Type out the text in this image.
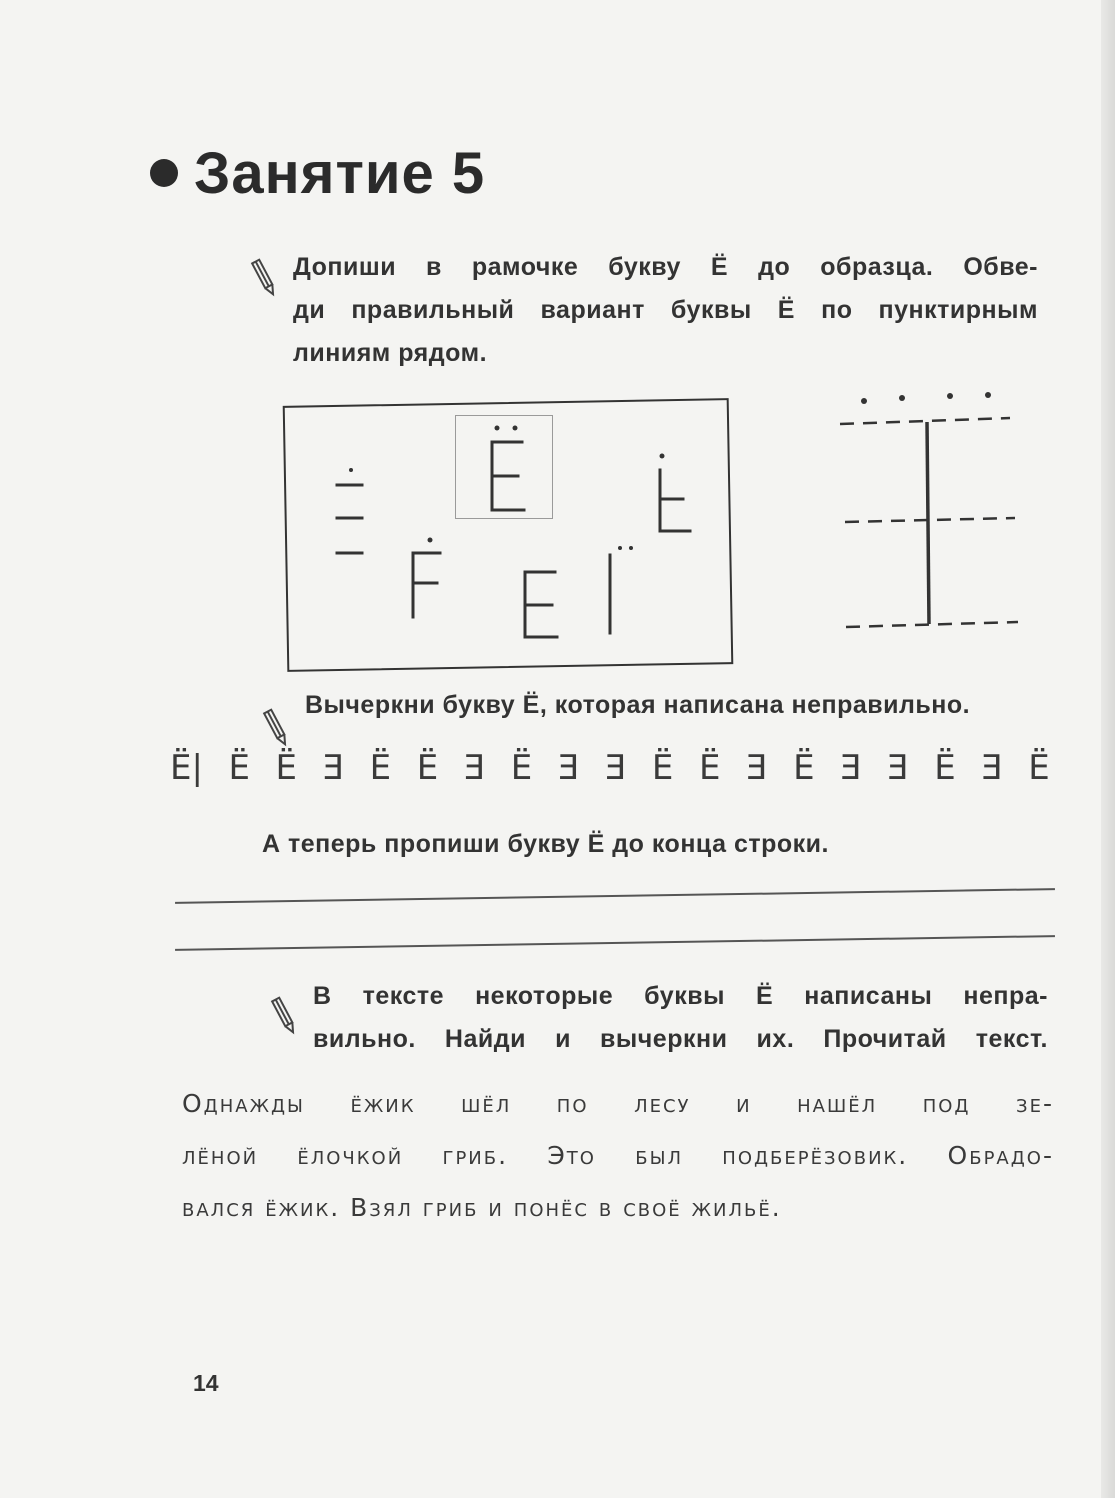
Занятие 5

Допиши в рамочке букву Ё до образца. Обве-

ди правильный вариант буквы Ё по пунктирным

линиям рядом.

Вычеркни букву Ё, которая написана неправильно.
Ё| Ё Ё Ǝ Ё Ё Ǝ Ё Ǝ Ǝ Ё Ё Ǝ Ё Ǝ Ǝ Ё Ǝ Ё
А теперь пропиши букву Ё до конца строки.

В тексте некоторые буквы Ё написаны непра-

вильно. Найди и вычеркни их. Прочитай текст.

Однажды ёжик шёл по лесу и нашёл под зе-

лёной ёлочкой гриб. Это был подберёзовик. Обрадо-

вался ёжик. Взял гриб и понёс в своё жильё.

14
